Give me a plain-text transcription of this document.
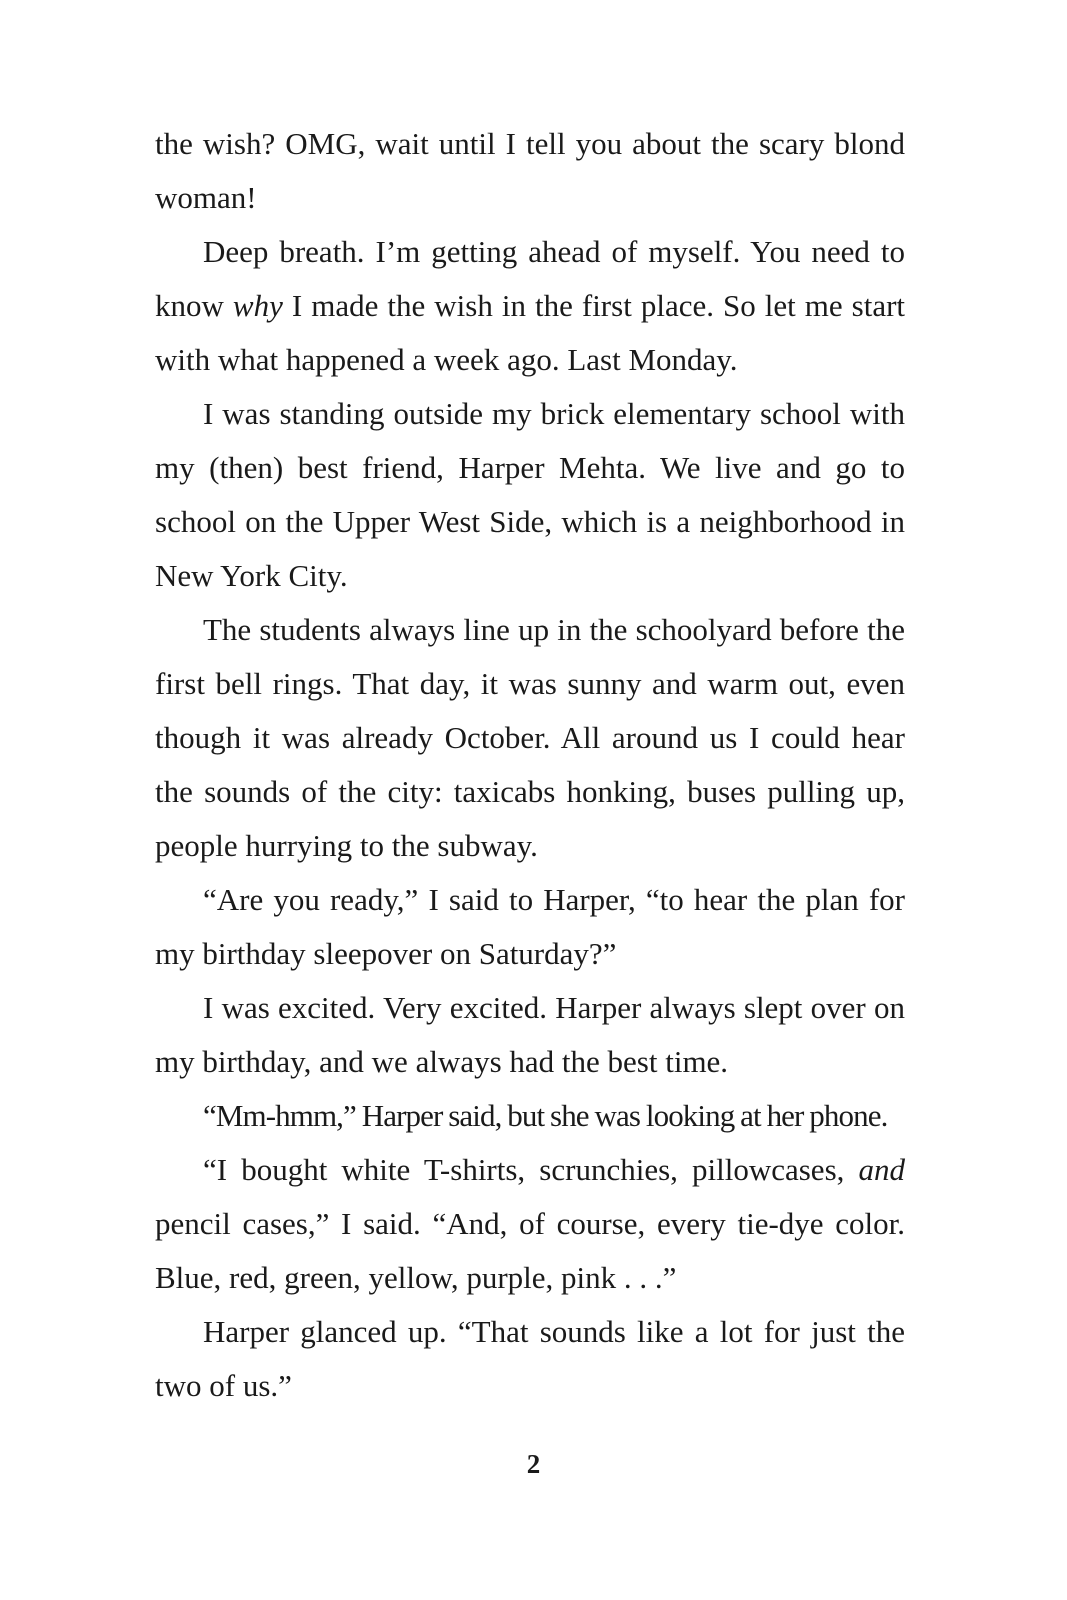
the wish? OMG, wait until I tell you about the scary blond woman!

Deep breath. I’m getting ahead of myself. You need to know why I made the wish in the first place. So let me start with what happened a week ago. Last Monday.

I was standing outside my brick elementary school with my (then) best friend, Harper Mehta. We live and go to school on the Upper West Side, which is a neighborhood in New York City.

The students always line up in the schoolyard before the first bell rings. That day, it was sunny and warm out, even though it was already October. All around us I could hear the sounds of the city: taxicabs honking, buses pulling up, people hurrying to the subway.

“Are you ready,” I said to Harper, “to hear the plan for my birthday sleepover on Saturday?”

I was excited. Very excited. Harper always slept over on my birthday, and we always had the best time.

“Mm-hmm,” Harper said, but she was looking at her phone.

“I bought white T-shirts, scrunchies, pillowcases, and pencil cases,” I said. “And, of course, every tie-dye color. Blue, red, green, yellow, purple, pink . . .”

Harper glanced up. “That sounds like a lot for just the two of us.”

2
